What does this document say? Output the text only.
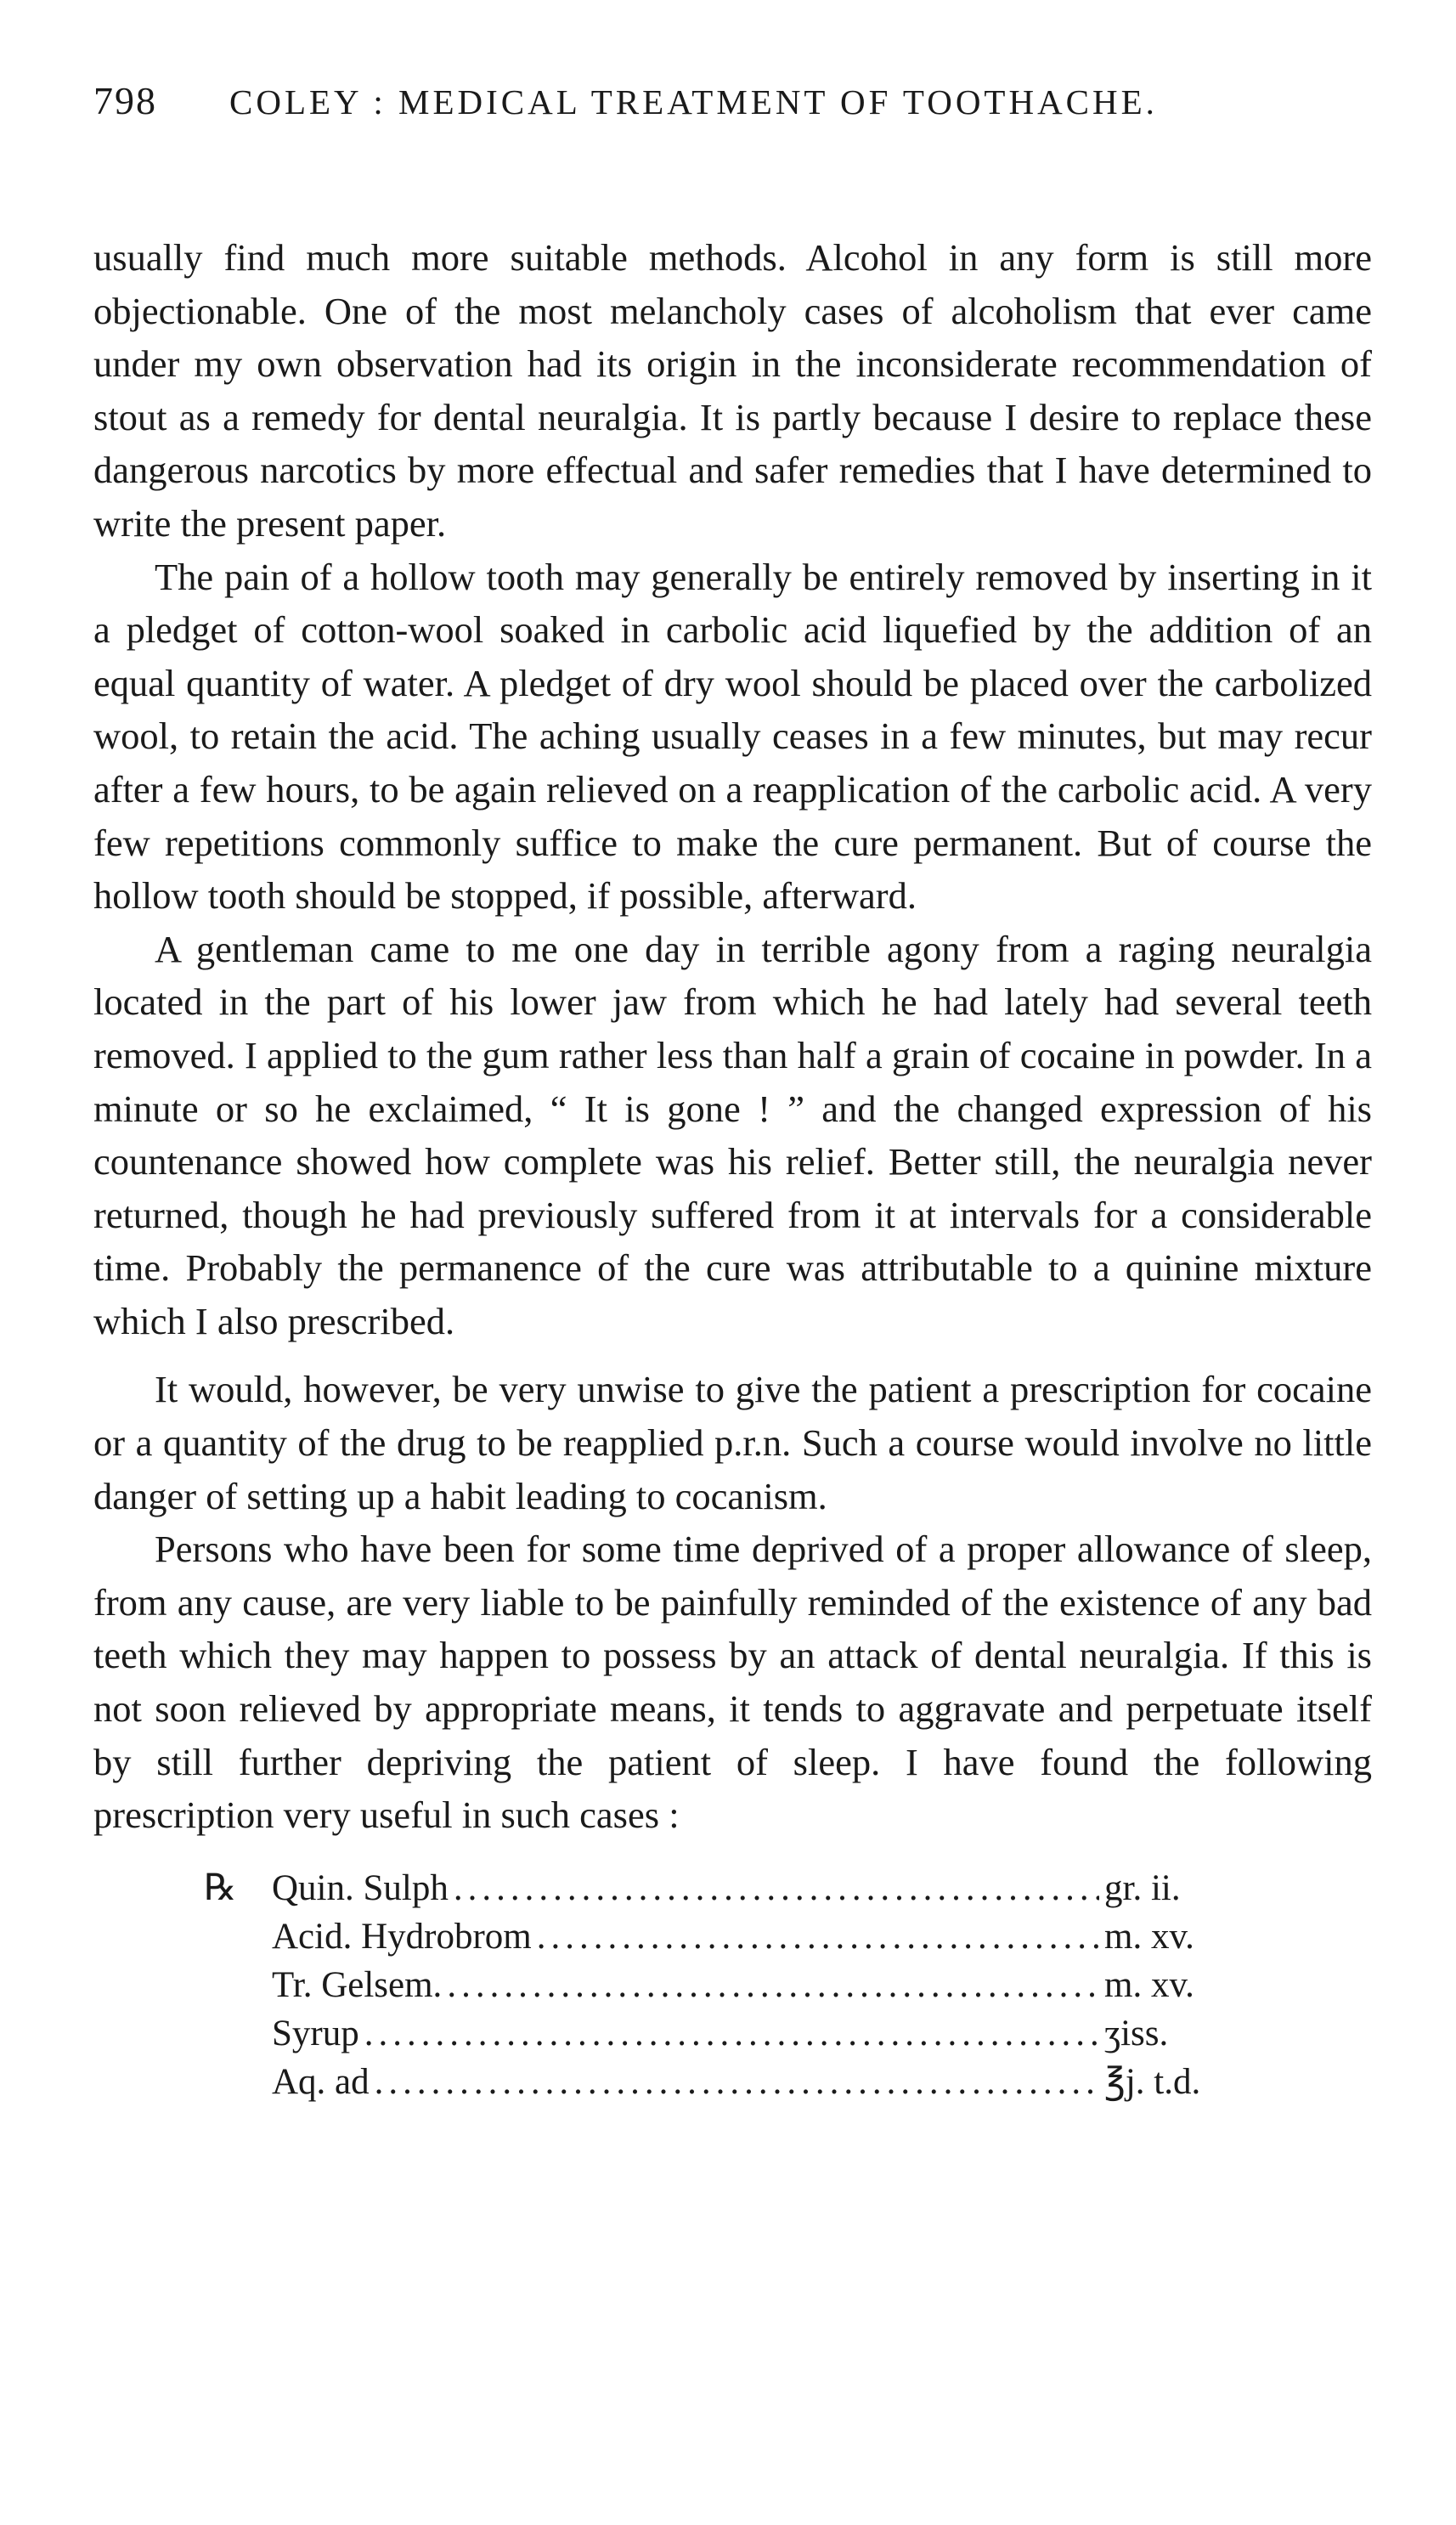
798 COLEY : MEDICAL TREATMENT OF TOOTHACHE.

usually find much more suitable methods. Alcohol in any form is still more objectionable. One of the most melancholy cases of alcoholism that ever came under my own observation had its origin in the inconsiderate recommendation of stout as a remedy for dental neuralgia. It is partly because I desire to replace these dangerous narcotics by more effectual and safer remedies that I have determined to write the present paper.

The pain of a hollow tooth may generally be entirely removed by inserting in it a pledget of cotton-wool soaked in carbolic acid liquefied by the addition of an equal quantity of water. A pledget of dry wool should be placed over the carbolized wool, to retain the acid. The aching usually ceases in a few minutes, but may recur after a few hours, to be again relieved on a reapplication of the carbolic acid. A very few repetitions commonly suffice to make the cure permanent. But of course the hollow tooth should be stopped, if possible, afterward.

A gentleman came to me one day in terrible agony from a raging neuralgia located in the part of his lower jaw from which he had lately had several teeth removed. I applied to the gum rather less than half a grain of cocaine in powder. In a minute or so he exclaimed, “ It is gone ! ” and the changed expression of his countenance showed how complete was his relief. Better still, the neuralgia never returned, though he had previously suffered from it at intervals for a considerable time. Probably the permanence of the cure was attributable to a quinine mixture which I also prescribed.

It would, however, be very unwise to give the patient a prescription for cocaine or a quantity of the drug to be reapplied p.r.n. Such a course would involve no little danger of setting up a habit leading to cocanism.

Persons who have been for some time deprived of a proper allowance of sleep, from any cause, are very liable to be painfully reminded of the existence of any bad teeth which they may happen to possess by an attack of dental neuralgia. If this is not soon relieved by appropriate means, it tends to aggravate and perpetuate itself by still further depriving the patient of sleep. I have found the following prescription very useful in such cases :

℞ Quin. Sulph .....	gr. ii.
Acid. Hydrobrom .....	m. xv.
Tr. Gelsem. .....	m. xv.
Syrup .....	ʒiss.
Aq. ad .....	℥j. t.d.
